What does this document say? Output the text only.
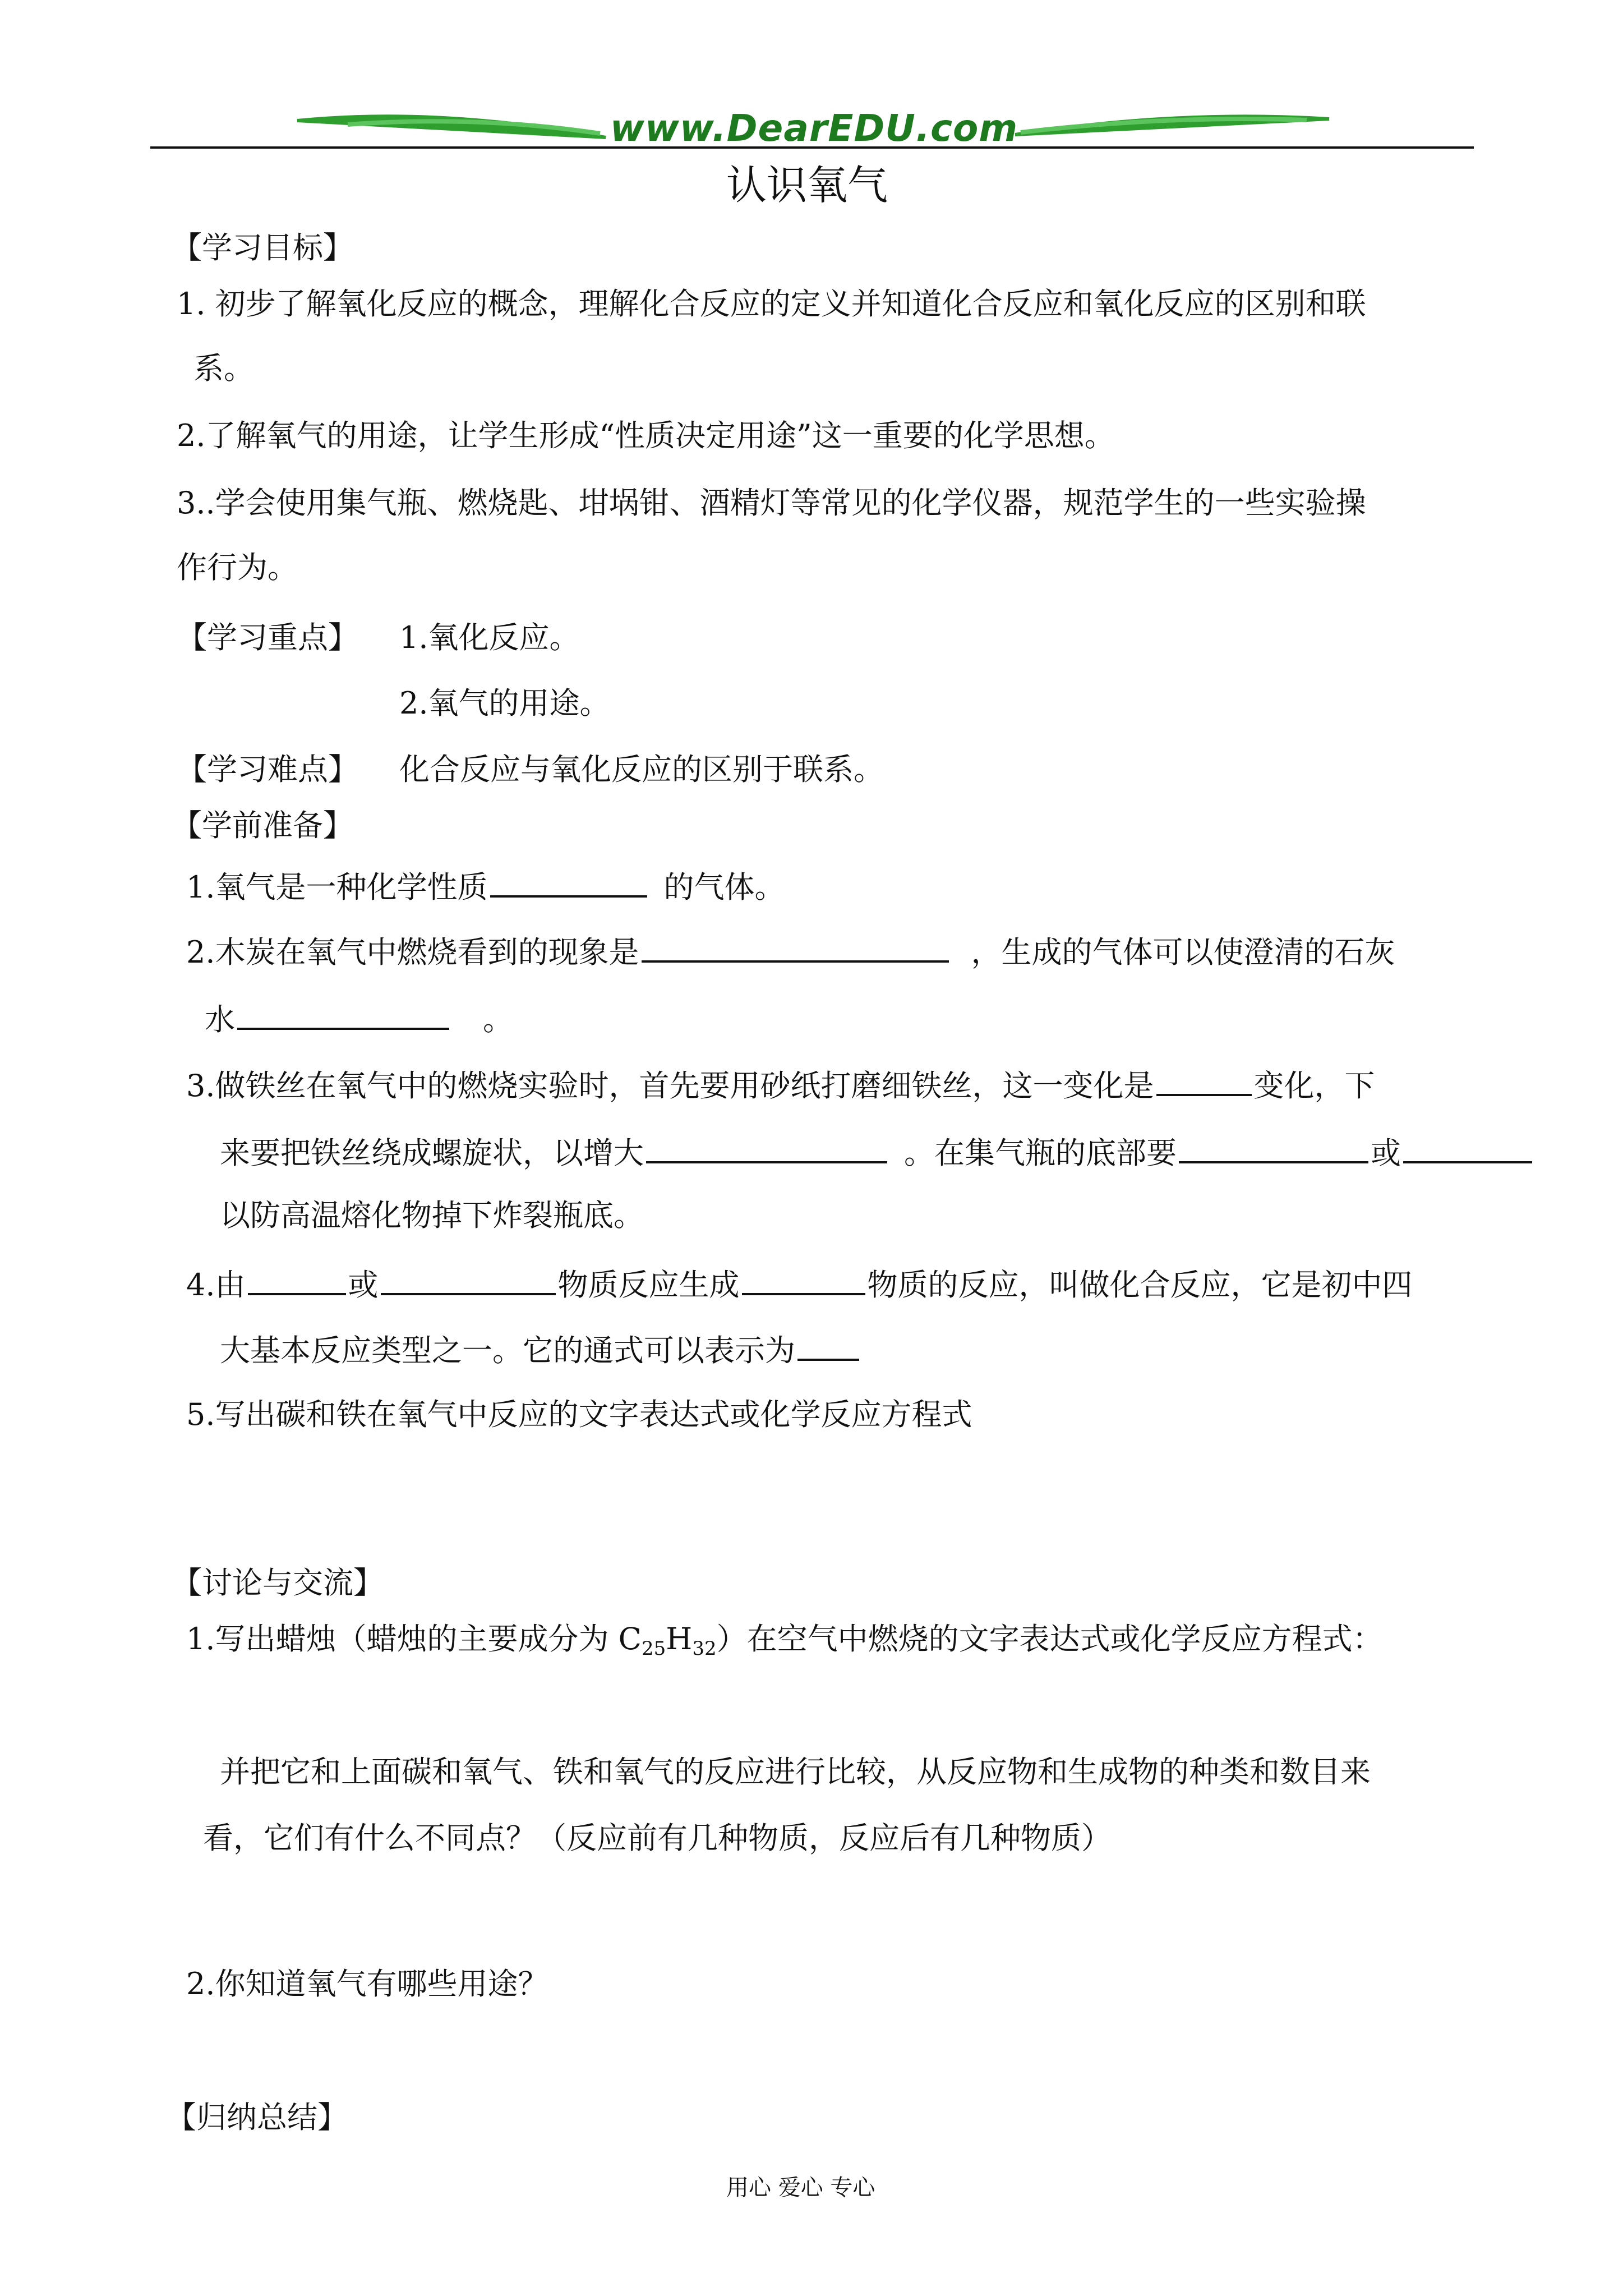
www.DearEDU.com
认识氧气
【学习目标】
1. 初步了解氧化反应的概念，理解化合反应的定义并知道化合反应和氧化反应的区别和联
系。
2.了解氧气的用途，让学生形成“性质决定用途”这一重要的化学思想。
3..学会使用集气瓶、燃烧匙、坩埚钳、酒精灯等常见的化学仪器，规范学生的一些实验操
作行为。
【学习重点】 1.氧化反应。
2.氧气的用途。
【学习难点】 化合反应与氧化反应的区别于联系。
【学前准备】
1.氧气是一种化学性质	的气体。
2.木炭在氧气中燃烧看到的现象是	，生成的气体可以使澄清的石灰
水	。
3.做铁丝在氧气中的燃烧实验时，首先要用砂纸打磨细铁丝，这一变化是	变化，下
来要把铁丝绕成螺旋状，以增大	。在集气瓶的底部要	或
以防高温熔化物掉下炸裂瓶底。
4.由	或	物质反应生成	物质的反应，叫做化合反应，它是初中四
大基本反应类型之一。它的通式可以表示为
5.写出碳和铁在氧气中反应的文字表达式或化学反应方程式
【讨论与交流】
1.写出蜡烛（蜡烛的主要成分为 $C_{25}H_{32}$）在空气中燃烧的文字表达式或化学反应方程式：
并把它和上面碳和氧气、铁和氧气的反应进行比较，从反应物和生成物的种类和数目来
看，它们有什么不同点？（反应前有几种物质，反应后有几种物质）
2.你知道氧气有哪些用途？
【归纳总结】
用心 爱心 专心
